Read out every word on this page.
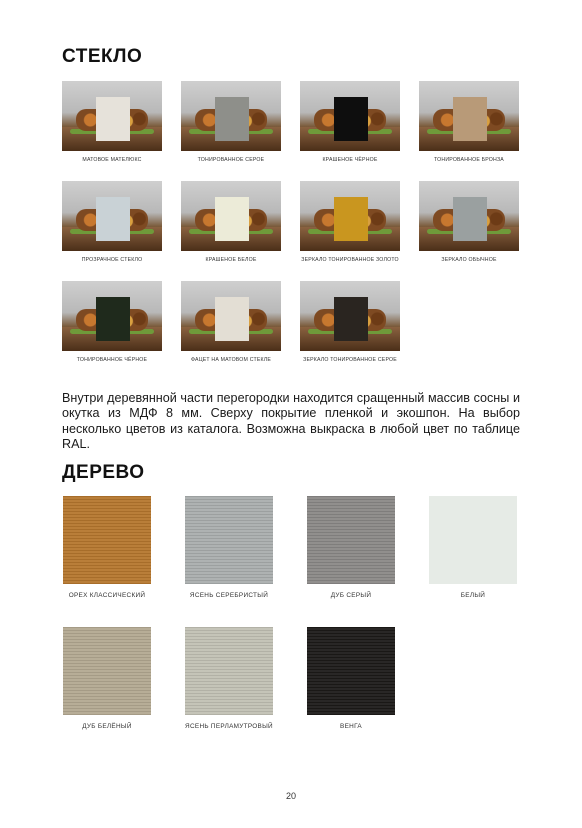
СТЕКЛО
МАТОВОЕ МАТЕЛЮКС	ТОНИРОВАННОЕ СЕРОЕ	КРАШЕНОЕ ЧЁРНОЕ	ТОНИРОВАННОЕ БРОНЗА
ПРОЗРАЧНОЕ СТЕКЛО	КРАШЕНОЕ БЕЛОЕ	ЗЕРКАЛО ТОНИРОВАННОЕ ЗОЛОТО	ЗЕРКАЛО ОБЫЧНОЕ
ТОНИРОВАННОЕ ЧЁРНОЕ	ФАЦЕТ НА МАТОВОМ СТЕКЛЕ	ЗЕРКАЛО ТОНИРОВАННОЕ СЕРОЕ

Внутри деревянной части перегородки находится сращенный массив сосны и окутка из МДФ 8 мм. Сверху покрытие пленкой и экошпон. На выбор несколько цветов из каталога. Возможна выкраска в любой цвет по таблице RAL.

ДЕРЕВО
ОРЕХ КЛАССИЧЕСКИЙ	ЯСЕНЬ СЕРЕБРИСТЫЙ	ДУБ СЕРЫЙ	БЕЛЫЙ
ДУБ БЕЛЁНЫЙ	ЯСЕНЬ ПЕРЛАМУТРОВЫЙ	ВЕНГА
20
